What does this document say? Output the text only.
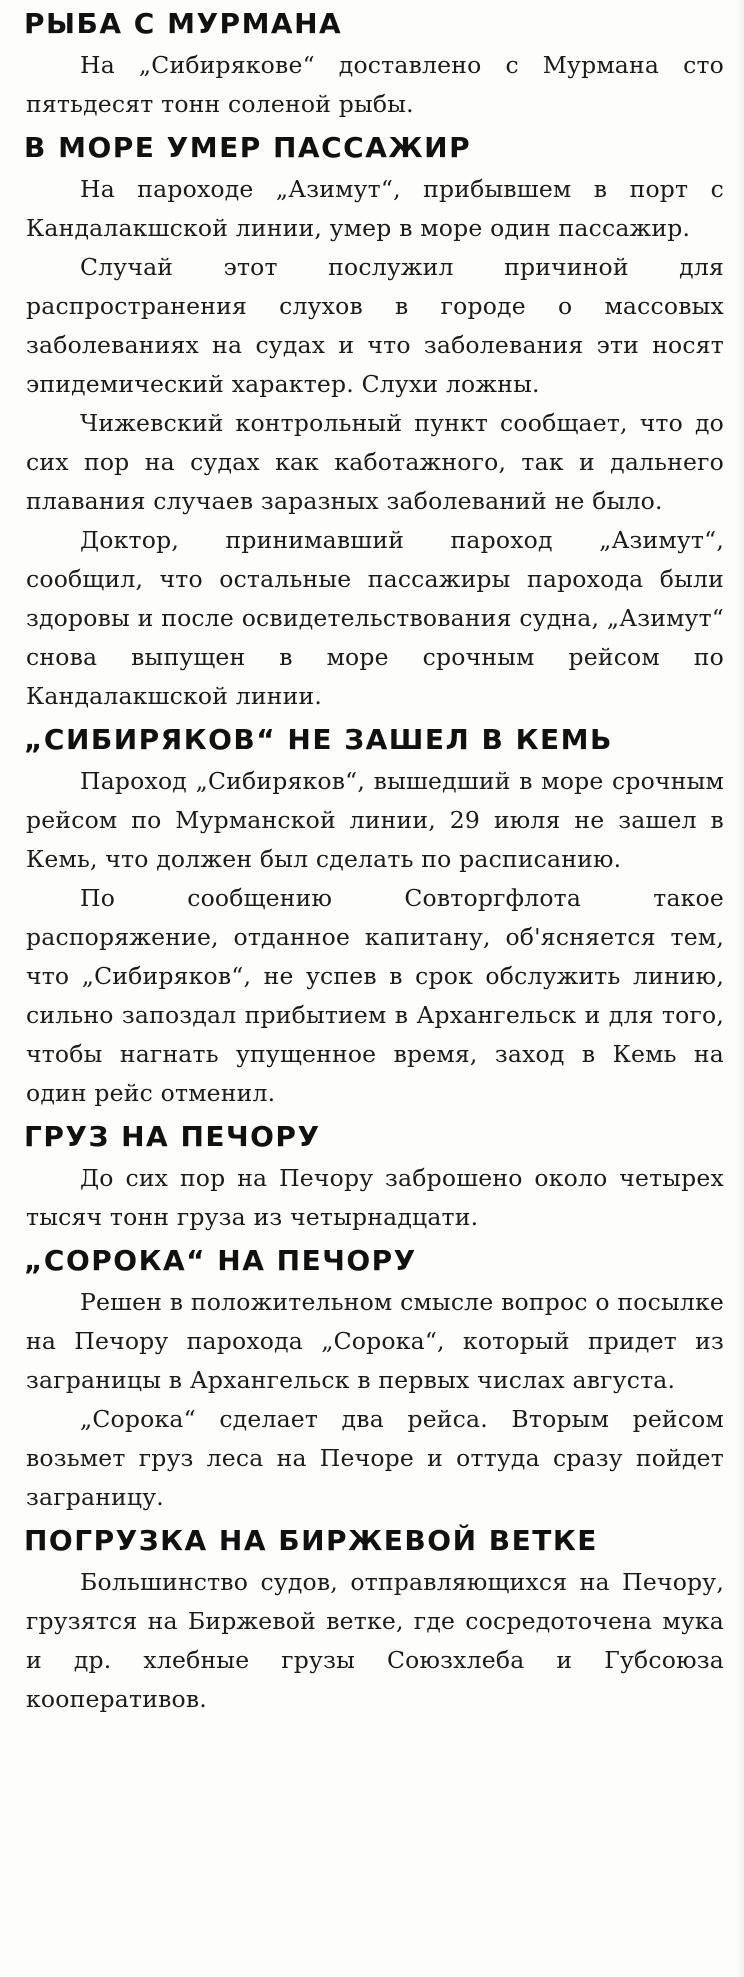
РЫБА С МУРМАНА

На „Сибирякове“ доставлено с Мурмана сто пятьдесят тонн соленой рыбы.

В МОРЕ УМЕР ПАССАЖИР

На пароходе „Азимут“, прибывшем в порт с Кандалакшской линии, умер в море один пассажир.

Случай этот послужил причиной для распространения слухов в городе о массовых заболеваниях на судах и что заболевания эти носят эпидемический характер. Слухи ложны.

Чижевский контрольный пункт сообщает, что до сих пор на судах как каботажного, так и дальнего плавания случаев заразных заболеваний не было.

Доктор, принимавший пароход „Азимут“, сообщил, что остальные пассажиры парохода были здоровы и после освидетельствования судна, „Азимут“ снова выпущен в море срочным рейсом по Кандалакшской линии.

„СИБИРЯКОВ“ НЕ ЗАШЕЛ В КЕМЬ

Пароход „Сибиряков“, вышедший в море срочным рейсом по Мурманской линии, 29 июля не зашел в Кемь, что должен был сделать по расписанию.

По сообщению Совторгфлота такое распоряжение, отданное капитану, об'ясняется тем, что „Сибиряков“, не успев в срок обслужить линию, сильно запоздал прибытием в Архангельск и для того, чтобы нагнать упущенное время, заход в Кемь на один рейс отменил.

ГРУЗ НА ПЕЧОРУ

До сих пор на Печору заброшено около четырех тысяч тонн груза из четырнадцати.

„СОРОКА“ НА ПЕЧОРУ

Решен в положительном смысле вопрос о посылке на Печору парохода „Сорока“, который придет из заграницы в Архангельск в первых числах августа.

„Сорока“ сделает два рейса. Вторым рейсом возьмет груз леса на Печоре и оттуда сразу пойдет заграницу.

ПОГРУЗКА НА БИРЖЕВОЙ ВЕТКЕ

Большинство судов, отправляющихся на Печору, грузятся на Биржевой ветке, где сосредоточена мука и др. хлебные грузы Союзхлеба и Губсоюза кооперативов.
